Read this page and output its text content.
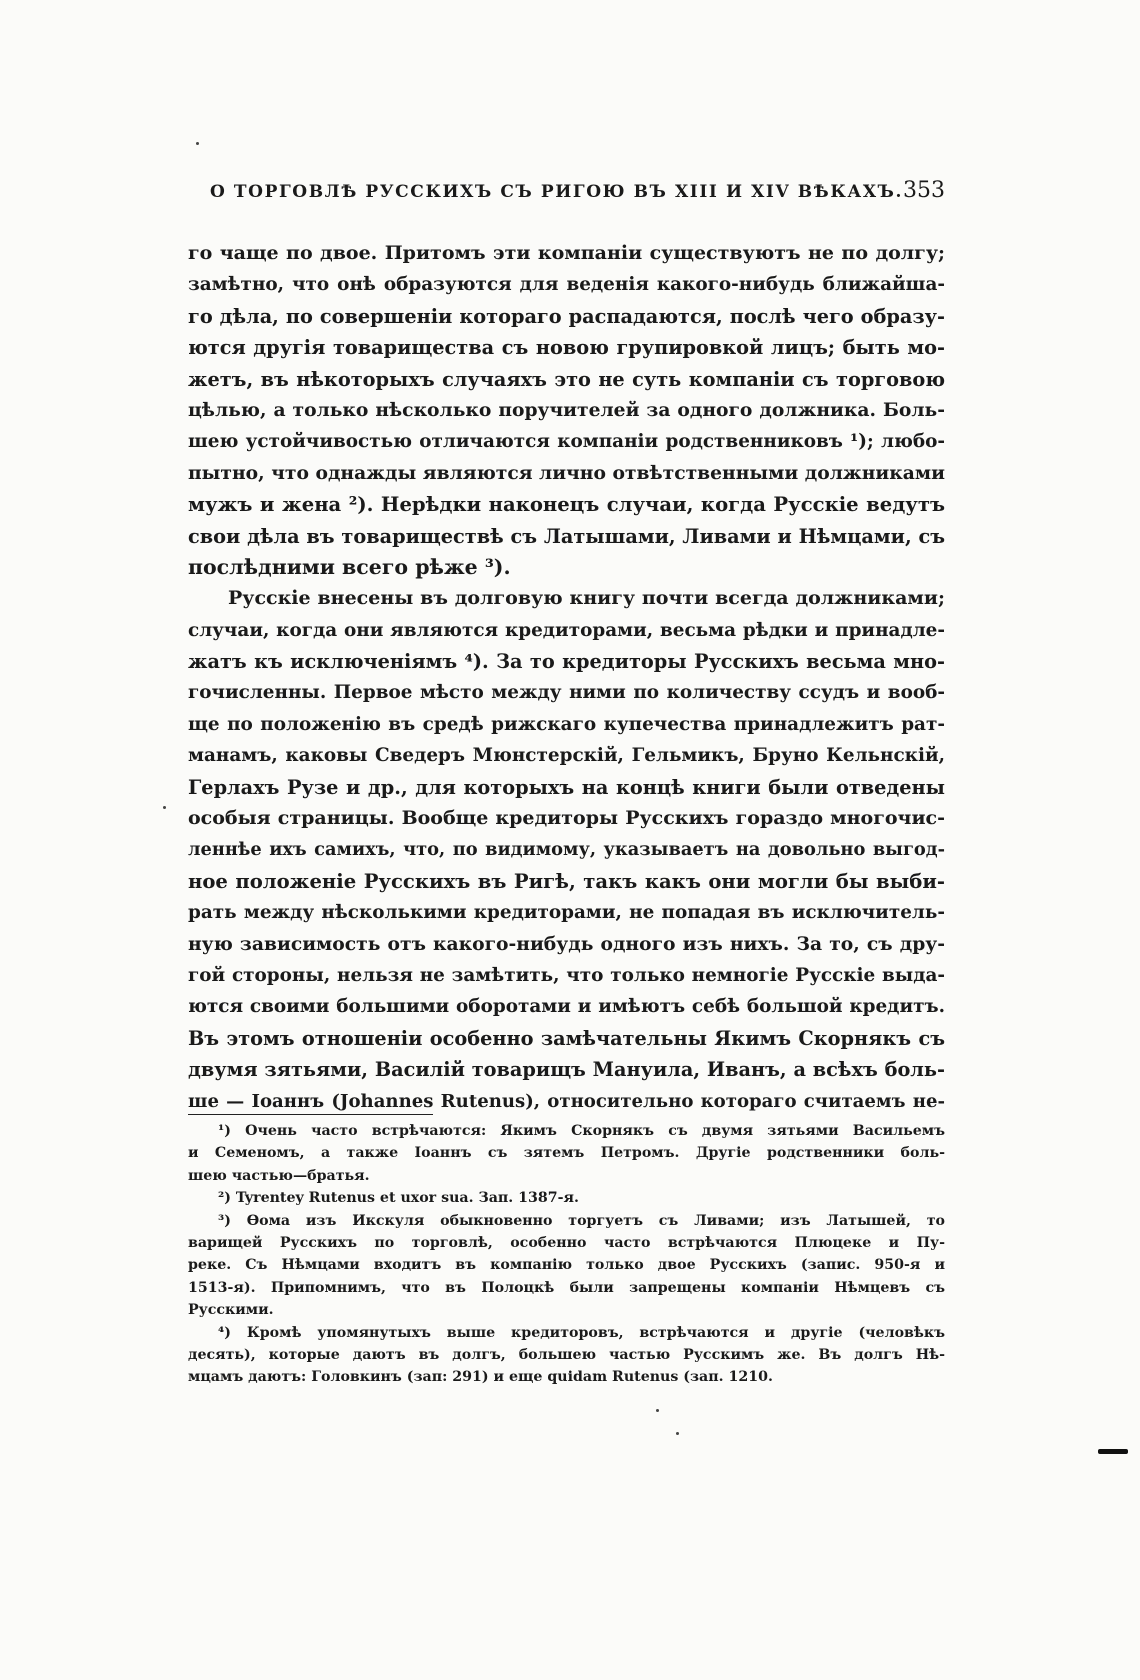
О ТОРГОВЛѢ РУССКИХЪ СЪ РИГОЮ ВЪ XIII И XIV ВѢКАХЪ. 353
го чаще по двое. Притомъ эти компаніи существуютъ не по долгу;
замѣтно, что онѣ образуются для веденія какого-нибудь ближайша-
го дѣла, по совершеніи котораго распадаются, послѣ чего образу-
ются другія товарищества съ новою групировкой лицъ; быть мо-
жетъ, въ нѣкоторыхъ случаяхъ это не суть компаніи съ торговою
цѣлью, а только нѣсколько поручителей за одного должника. Боль-
шею устойчивостью отличаются компаніи родственниковъ ¹); любо-
пытно, что однажды являются лично отвѣтственными должниками
мужъ и жена ²). Нерѣдки наконецъ случаи, когда Русскіе ведутъ
свои дѣла въ товариществѣ съ Латышами, Ливами и Нѣмцами, съ
послѣдними всего рѣже ³).
Русскіе внесены въ долговую книгу почти всегда должниками;
случаи, когда они являются кредиторами, весьма рѣдки и принадле-
жатъ къ исключеніямъ ⁴). За то кредиторы Русскихъ весьма мно-
гочисленны. Первое мѣсто между ними по количеству ссудъ и вооб-
ще по положенію въ средѣ рижскаго купечества принадлежитъ рат-
манамъ, каковы Сведеръ Мюнстерскій, Гельмикъ, Бруно Кельнскій,
Герлахъ Рузе и др., для которыхъ на концѣ книги были отведены
особыя страницы. Вообще кредиторы Русскихъ гораздо многочис-
леннѣе ихъ самихъ, что, по видимому, указываетъ на довольно выгод-
ное положеніе Русскихъ въ Ригѣ, такъ какъ они могли бы выби-
рать между нѣсколькими кредиторами, не попадая въ исключитель-
ную зависимость отъ какого-нибудь одного изъ нихъ. За то, съ дру-
гой стороны, нельзя не замѣтить, что только немногіе Русскіе выда-
ются своими большими оборотами и имѣютъ себѣ большой кредитъ.
Въ этомъ отношеніи особенно замѣчательны Якимъ Скорнякъ съ
двумя зятьями, Василій товарищъ Мануила, Иванъ, а всѣхъ боль-
ше — Іоаннъ (Johannes Rutenus), относительно котораго считаемъ не-
¹) Очень часто встрѣчаются: Якимъ Скорнякъ съ двумя зятьями Васильемъ
и Семеномъ, а также Іоаннъ съ зятемъ Петромъ. Другіе родственники боль-
шею частью—братья.
²) Tyrentey Rutenus et uxor sua. Зап. 1387-я.
³) Ѳома изъ Икскуля обыкновенно торгуетъ съ Ливами; изъ Латышей, то
варищей Русскихъ по торговлѣ, особенно часто встрѣчаются Плюцеке и Пу-
реке. Съ Нѣмцами входитъ въ компанію только двое Русскихъ (запис. 950-я и
1513-я). Припомнимъ, что въ Полоцкѣ были запрещены компаніи Нѣмцевъ съ
Русскими.
⁴) Кромѣ упомянутыхъ выше кредиторовъ, встрѣчаются и другіе (человѣкъ
десять), которые даютъ въ долгъ, большею частью Русскимъ же. Въ долгъ Нѣ-
мцамъ даютъ: Головкинъ (зап: 291) и еще quidam Rutenus (зап. 1210.
